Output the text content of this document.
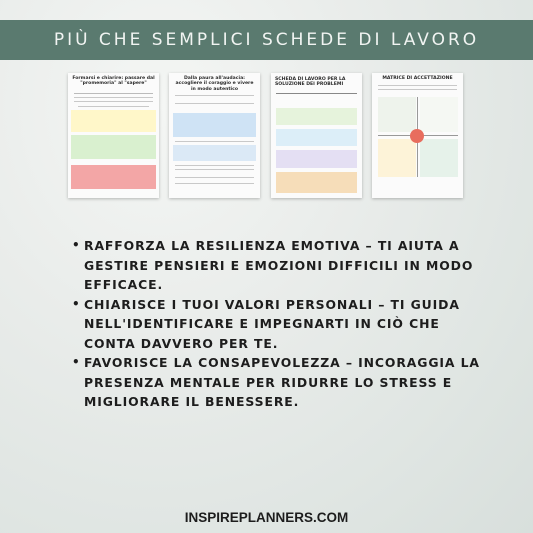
PIÙ CHE SEMPLICI SCHEDE DI LAVORO
Formarsi e chiarire: passare dal "promemoria" al "sapere"
Dalla paura all'audacia: accogliere il coraggio e vivere in modo autentico
SCHEDA DI LAVORO PER LA SOLUZIONE DEI PROBLEMI
MATRICE DI ACCETTAZIONE
• RAFFORZA LA RESILIENZA EMOTIVA – TI AIUTA A GESTIRE PENSIERI E EMOZIONI DIFFICILI IN MODO EFFICACE.
• CHIARISCE I TUOI VALORI PERSONALI – TI GUIDA NELL'IDENTIFICARE E IMPEGNARTI IN CIÒ CHE CONTA DAVVERO PER TE.
• FAVORISCE LA CONSAPEVOLEZZA – INCORAGGIA LA PRESENZA MENTALE PER RIDURRE LO STRESS E MIGLIORARE IL BENESSERE.
INSPIREPLANNERS.COM
